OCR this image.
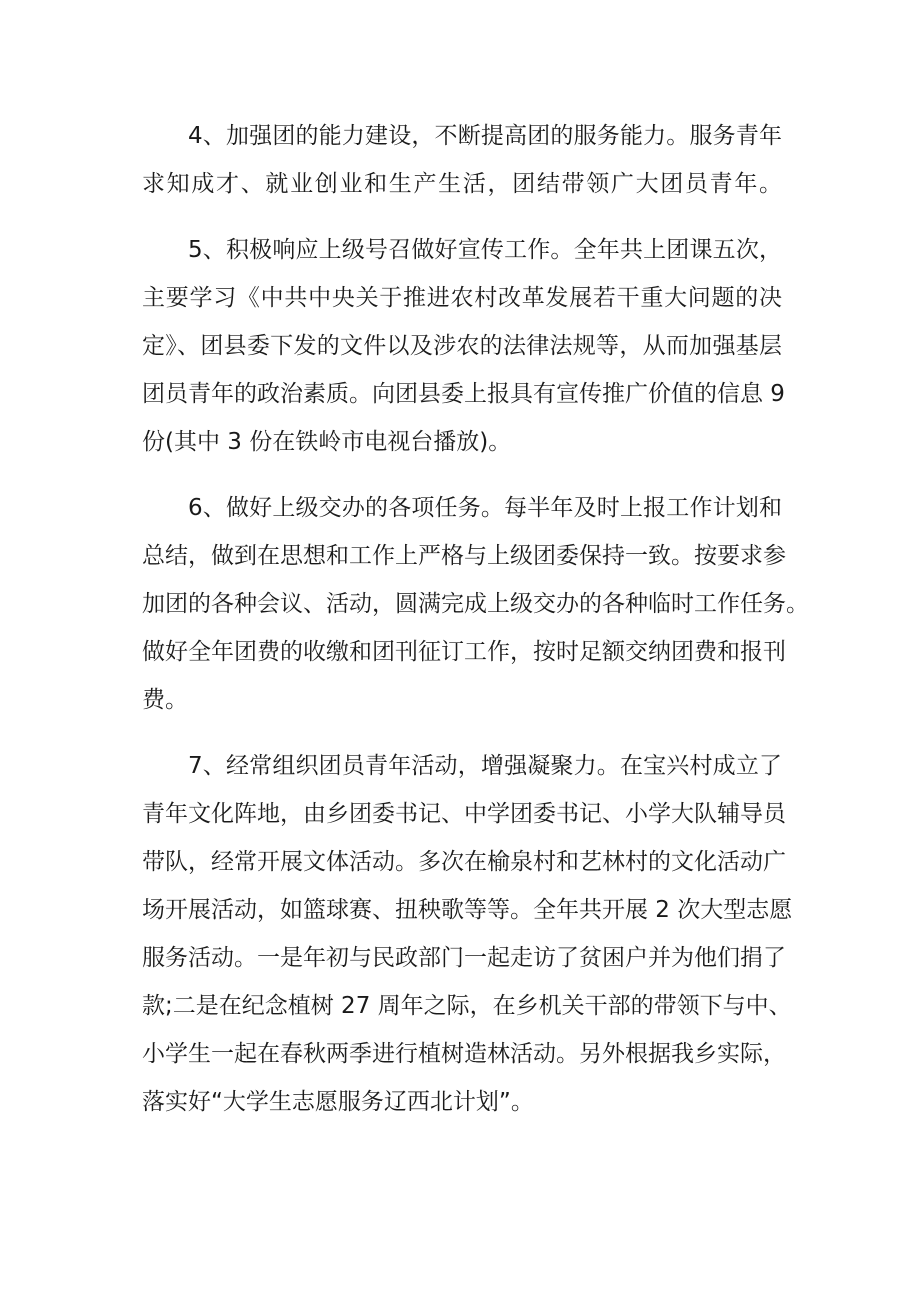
4、加强团的能力建设，不断提高团的服务能力。服务青年
求知成才、就业创业和生产生活，团结带领广大团员青年。

5、积极响应上级号召做好宣传工作。全年共上团课五次，
主要学习《中共中央关于推进农村改革发展若干重大问题的决
定》、团县委下发的文件以及涉农的法律法规等，从而加强基层
团员青年的政治素质。向团县委上报具有宣传推广价值的信息 9
份(其中 3 份在铁岭市电视台播放)。

6、做好上级交办的各项任务。每半年及时上报工作计划和
总结，做到在思想和工作上严格与上级团委保持一致。按要求参
加团的各种会议、活动，圆满完成上级交办的各种临时工作任务。
做好全年团费的收缴和团刊征订工作，按时足额交纳团费和报刊
费。

7、经常组织团员青年活动，增强凝聚力。在宝兴村成立了
青年文化阵地，由乡团委书记、中学团委书记、小学大队辅导员
带队，经常开展文体活动。多次在榆泉村和艺林村的文化活动广
场开展活动，如篮球赛、扭秧歌等等。全年共开展 2 次大型志愿
服务活动。一是年初与民政部门一起走访了贫困户并为他们捐了
款;二是在纪念植树 27 周年之际，在乡机关干部的带领下与中、
小学生一起在春秋两季进行植树造林活动。另外根据我乡实际，
落实好“大学生志愿服务辽西北计划”。
